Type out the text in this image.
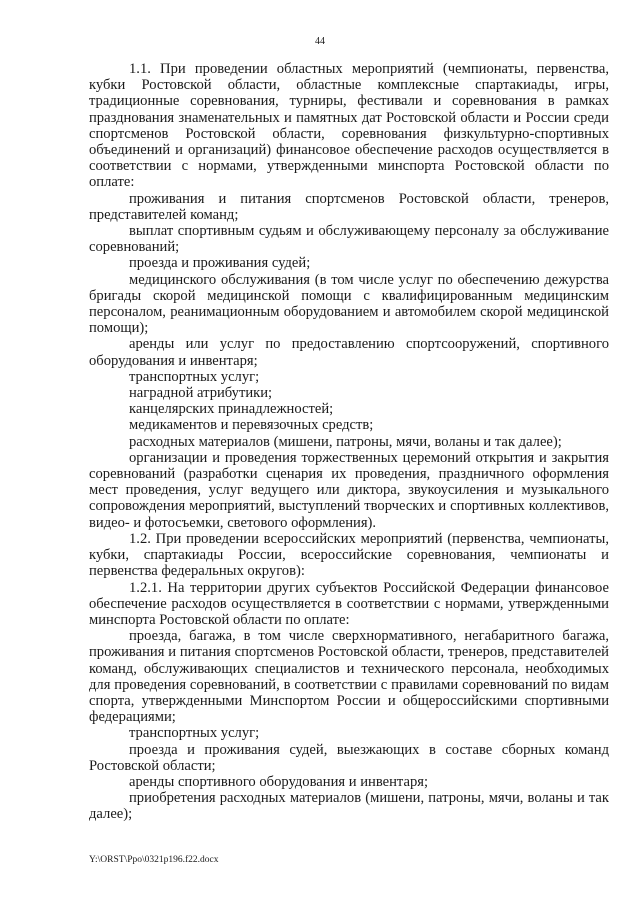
44

1.1. При проведении областных мероприятий (чемпионаты, первенства, кубки Ростовской области, областные комплексные спартакиады, игры, традиционные соревнования, турниры, фестивали и соревнования в рамках празднования знаменательных и памятных дат Ростовской области и России среди спортсменов Ростовской области, соревнования физкультурно-спортивных объединений и организаций) финансовое обеспечение расходов осуществляется в соответствии с нормами, утвержденными минспорта Ростовской области по оплате:

проживания и питания спортсменов Ростовской области, тренеров, представителей команд;

выплат спортивным судьям и обслуживающему персоналу за обслуживание соревнований;

проезда и проживания судей;

медицинского обслуживания (в том числе услуг по обеспечению дежурства бригады скорой медицинской помощи с квалифицированным медицинским персоналом, реанимационным оборудованием и автомобилем скорой медицинской помощи);

аренды или услуг по предоставлению спортсооружений, спортивного оборудования и инвентаря;

транспортных услуг;

наградной атрибутики;

канцелярских принадлежностей;

медикаментов и перевязочных средств;

расходных материалов (мишени, патроны, мячи, воланы и так далее);

организации и проведения торжественных церемоний открытия и закрытия соревнований (разработки сценария их проведения, праздничного оформления мест проведения, услуг ведущего или диктора, звукоусиления и музыкального сопровождения мероприятий, выступлений творческих и спортивных коллективов, видео- и фотосъемки, светового оформления).

1.2. При проведении всероссийских мероприятий (первенства, чемпионаты, кубки, спартакиады России, всероссийские соревнования, чемпионаты и первенства федеральных округов):

1.2.1. На территории других субъектов Российской Федерации финансовое обеспечение расходов осуществляется в соответствии с нормами, утвержденными минспорта Ростовской области по оплате:

проезда, багажа, в том числе сверхнормативного, негабаритного багажа, проживания и питания спортсменов Ростовской области, тренеров, представителей команд, обслуживающих специалистов и технического персонала, необходимых для проведения соревнований, в соответствии с правилами соревнований по видам спорта, утвержденными Минспортом России и общероссийскими спортивными федерациями;

транспортных услуг;

проезда и проживания судей, выезжающих в составе сборных команд Ростовской области;

аренды спортивного оборудования и инвентаря;

приобретения расходных материалов (мишени, патроны, мячи, воланы и так далее);

Y:\ORST\Ppo\0321p196.f22.docx
